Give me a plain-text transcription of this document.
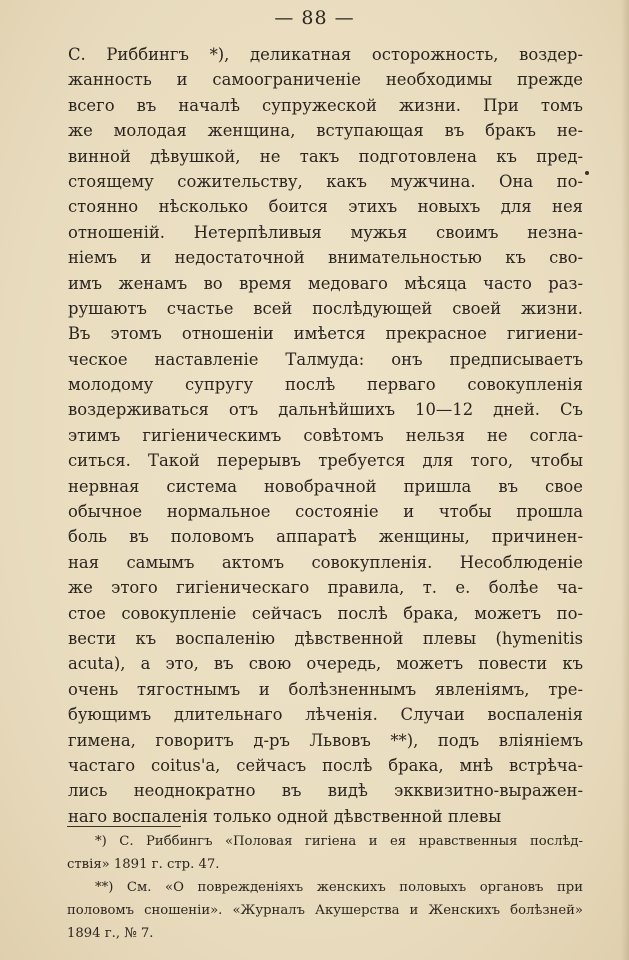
— 88 —
С. Риббингъ *), деликатная осторожность, воздер-
жанность и самоограниченіе необходимы прежде
всего въ началѣ супружеской жизни. При томъ
же молодая женщина, вступающая въ бракъ не-
винной дѣвушкой, не такъ подготовлена къ пред-
стоящему сожительству, какъ мужчина. Она по-
стоянно нѣсколько боится этихъ новыхъ для нея
отношеній. Нетерпѣливыя мужья своимъ незна-
ніемъ и недостаточной внимательностью къ сво-
имъ женамъ во время медоваго мѣсяца часто раз-
рушаютъ счастье всей послѣдующей своей жизни.
Въ этомъ отношеніи имѣется прекрасное гигиени-
ческое наставленіе Талмуда: онъ предписываетъ
молодому супругу послѣ перваго совокупленія
воздерживаться отъ дальнѣйшихъ 10—12 дней. Съ
этимъ гигіеническимъ совѣтомъ нельзя не согла-
ситься. Такой перерывъ требуется для того, чтобы
нервная система новобрачной пришла въ свое
обычное нормальное состояніе и чтобы прошла
боль въ половомъ аппаратѣ женщины, причинен-
ная самымъ актомъ совокупленія. Несоблюденіе
же этого гигіеническаго правила, т. е. болѣе ча-
стое совокупленіе сейчасъ послѣ брака, можетъ по-
вести къ воспаленію дѣвственной плевы (hymenitis
acuta), а это, въ свою очередь, можетъ повести къ
очень тягостнымъ и болѣзненнымъ явленіямъ, тре-
бующимъ длительнаго лѣченія. Случаи воспаленія
гимена, говоритъ д-ръ Львовъ **), подъ вліяніемъ
частаго coitus'a, сейчасъ послѣ брака, мнѣ встрѣча-
лись неоднократно въ видѣ экквизитно-выражен-
наго воспаленія только одной дѣвственной плевы
*) С. Риббингъ «Половая гигіена и ея нравственныя послѣд-
ствія» 1891 г. стр. 47.
**) См. «О поврежденіяхъ женскихъ половыхъ органовъ при
половомъ сношеніи». «Журналъ Акушерства и Женскихъ болѣзней»
1894 г., № 7.
